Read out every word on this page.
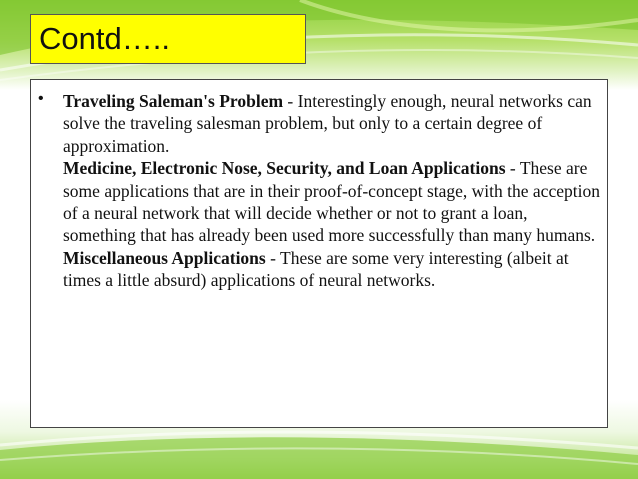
Contd…..
• Traveling Saleman's Problem - Interestingly enough, neural networks can solve the traveling salesman problem, but only to a certain degree of approximation.
Medicine, Electronic Nose, Security, and Loan Applications - These are some applications that are in their proof-of-concept stage, with the acception of a neural network that will decide whether or not to grant a loan, something that has already been used more successfully than many humans.
Miscellaneous Applications - These are some very interesting (albeit at times a little absurd) applications of neural networks.
